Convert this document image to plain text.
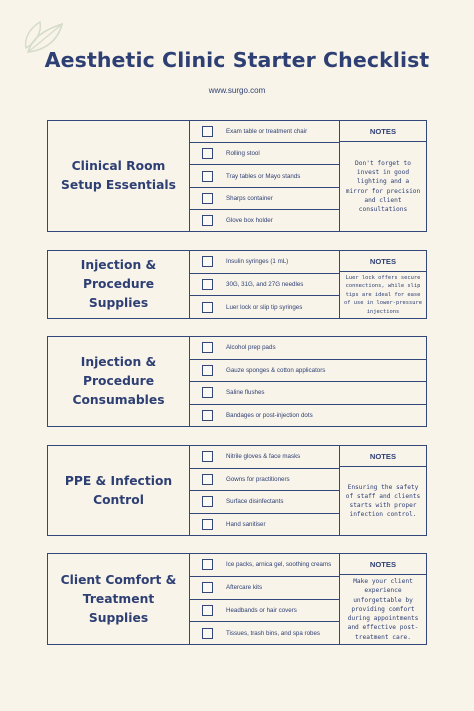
Aesthetic Clinic Starter Checklist
www.surgo.com
Clinical Room Setup Essentials
Exam table or treatment chair
Rolling stool
Tray tables or Mayo stands
Sharps container
Glove box holder
NOTES
Don't forget to invest in good lighting and a mirror for precision and client consultations
Injection & Procedure Supplies
Insulin syringes (1 mL)
30G, 31G, and 27G needles
Luer lock or slip tip syringes
NOTES
Luer lock offers secure connections, while slip tips are ideal for ease of use in lower-pressure injections
Injection & Procedure Consumables
Alcohol prep pads
Gauze sponges & cotton applicators
Saline flushes
Bandages or post-injection dots
PPE & Infection Control
Nitrile gloves & face masks
Gowns for practitioners
Surface disinfectants
Hand sanitiser
NOTES
Ensuring the safety of staff and clients starts with proper infection control.
Client Comfort & Treatment Supplies
Ice packs, arnica gel, soothing creams
Aftercare kits
Headbands or hair covers
Tissues, trash bins, and spa robes
NOTES
Make your client experience unforgettable by providing comfort during appointments and effective post-treatment care.
